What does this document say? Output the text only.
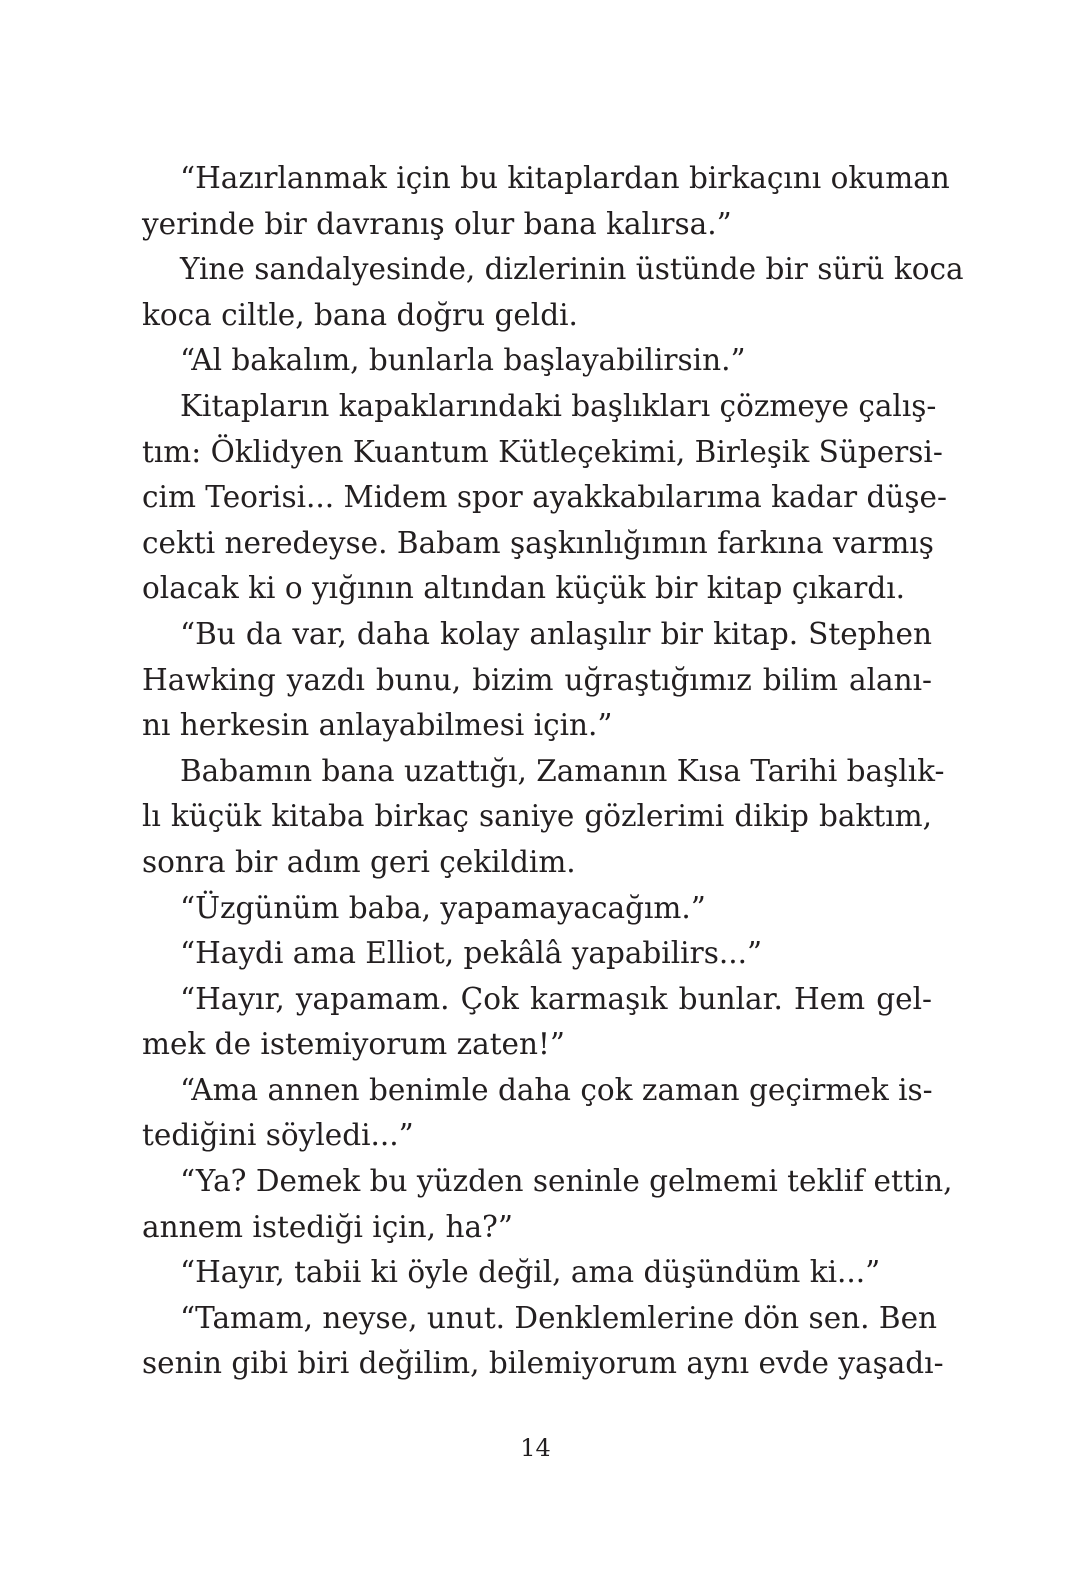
“Hazırlanmak için bu kitaplardan birkaçını okuman
yerinde bir davranış olur bana kalırsa.”
Yine sandalyesinde, dizlerinin üstünde bir sürü koca
koca ciltle, bana doğru geldi.
“Al bakalım, bunlarla başlayabilirsin.”
Kitapların kapaklarındaki başlıkları çözmeye çalış-
tım: Öklidyen Kuantum Kütleçekimi, Birleşik Süpersi-
cim Teorisi... Midem spor ayakkabılarıma kadar düşe-
cekti neredeyse. Babam şaşkınlığımın farkına varmış
olacak ki o yığının altından küçük bir kitap çıkardı.
“Bu da var, daha kolay anlaşılır bir kitap. Stephen
Hawking yazdı bunu, bizim uğraştığımız bilim alanı-
nı herkesin anlayabilmesi için.”
Babamın bana uzattığı, Zamanın Kısa Tarihi başlık-
lı küçük kitaba birkaç saniye gözlerimi dikip baktım,
sonra bir adım geri çekildim.
“Üzgünüm baba, yapamayacağım.”
“Haydi ama Elliot, pekâlâ yapabilirs...”
“Hayır, yapamam. Çok karmaşık bunlar. Hem gel-
mek de istemiyorum zaten!”
“Ama annen benimle daha çok zaman geçirmek is-
tediğini söyledi...”
“Ya? Demek bu yüzden seninle gelmemi teklif ettin,
annem istediği için, ha?”
“Hayır, tabii ki öyle değil, ama düşündüm ki...”
“Tamam, neyse, unut. Denklemlerine dön sen. Ben
senin gibi biri değilim, bilemiyorum aynı evde yaşadı-
14
